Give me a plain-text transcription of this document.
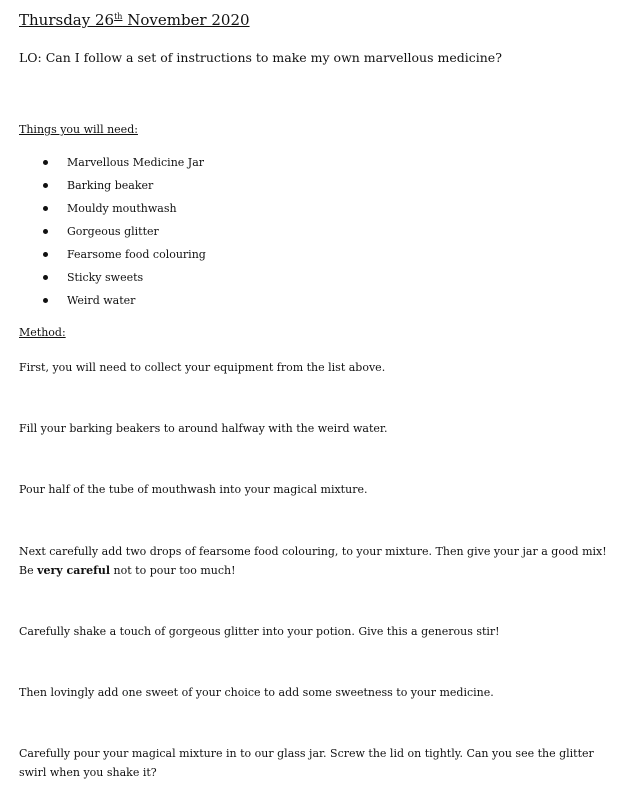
Thursday 26th November 2020
LO: Can I follow a set of instructions to make my own marvellous medicine?
Things you will need:
Marvellous Medicine Jar
Barking beaker
Mouldy mouthwash
Gorgeous glitter
Fearsome food colouring
Sticky sweets
Weird water
Method:
First, you will need to collect your equipment from the list above.
Fill your barking beakers to around halfway with the weird water.
Pour half of the tube of mouthwash into your magical mixture.
Next carefully add two drops of fearsome food colouring, to your mixture. Then give your jar a good mix! Be very careful not to pour too much!
Carefully shake a touch of gorgeous glitter into your potion. Give this a generous stir!
Then lovingly add one sweet of your choice to add some sweetness to your medicine.
Carefully pour your magical mixture in to our glass jar. Screw the lid on tightly. Can you see the glitter swirl when you shake it?
